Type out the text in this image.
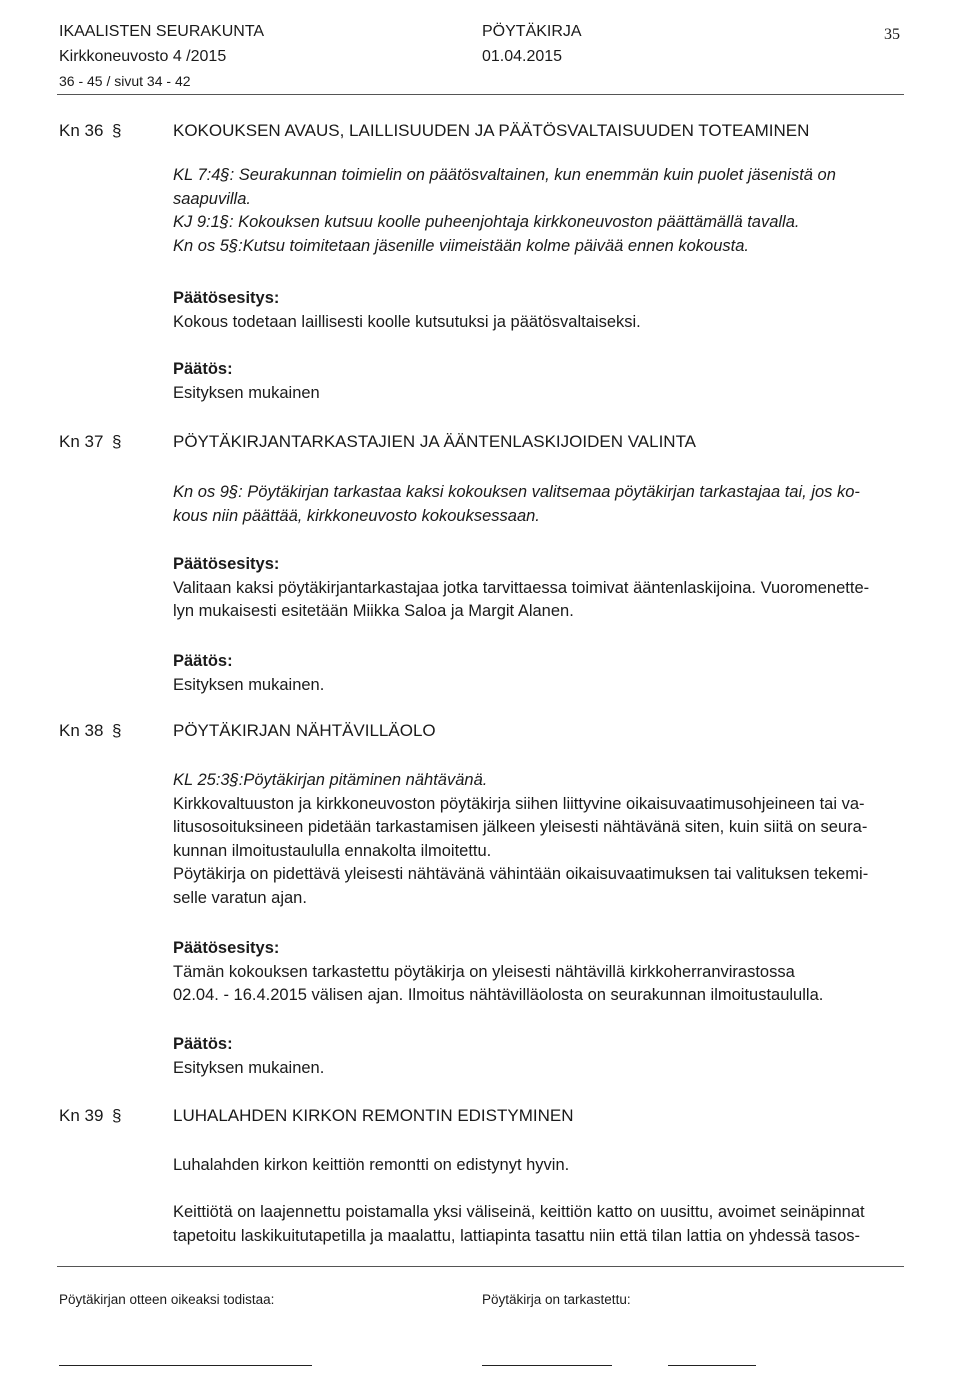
IKAALISTEN SEURAKUNTA	PÖYTÄKIRJA	35
Kirkkoneuvosto 4 /2015	01.04.2015
36 - 45 / sivut 34 - 42
Kn 36 §	KOKOUKSEN AVAUS, LAILLISUUDEN JA PÄÄTÖSVALTAISUUDEN TOTEAMINEN

KL 7:4§: Seurakunnan toimielin on päätösvaltainen, kun enemmän kuin puolet jäsenistä on

saapuvilla.

KJ 9:1§: Kokouksen kutsuu koolle puheenjohtaja kirkkoneuvoston päättämällä tavalla.

Kn os 5§:Kutsu toimitetaan jäsenille viimeistään kolme päivää ennen kokousta.

Päätösesitys:

Kokous todetaan laillisesti koolle kutsutuksi ja päätösvaltaiseksi.

Päätös:

Esityksen mukainen

Kn 37 §	PÖYTÄKIRJANTARKASTAJIEN JA ÄÄNTENLASKIJOIDEN VALINTA

Kn os 9§: Pöytäkirjan tarkastaa kaksi kokouksen valitsemaa pöytäkirjan tarkastajaa tai, jos ko-

kous niin päättää, kirkkoneuvosto kokouksessaan.

Päätösesitys:

Valitaan kaksi pöytäkirjantarkastajaa jotka tarvittaessa toimivat ääntenlaskijoina. Vuoromenette-

lyn mukaisesti esitetään Miikka Saloa ja Margit Alanen.

Päätös:

Esityksen mukainen.

Kn 38 §	PÖYTÄKIRJAN NÄHTÄVILLÄOLO

KL 25:3§:Pöytäkirjan pitäminen nähtävänä.

Kirkkovaltuuston ja kirkkoneuvoston pöytäkirja siihen liittyvine oikaisuvaatimusohjeineen tai va-

litusosoituksineen pidetään tarkastamisen jälkeen yleisesti nähtävänä siten, kuin siitä on seura-

kunnan ilmoitustaululla ennakolta ilmoitettu.

Pöytäkirja on pidettävä yleisesti nähtävänä vähintään oikaisuvaatimuksen tai valituksen tekemi-

selle varatun ajan.

Päätösesitys:

Tämän kokouksen tarkastettu pöytäkirja on yleisesti nähtävillä kirkkoherranvirastossa

02.04. - 16.4.2015 välisen ajan. Ilmoitus nähtävilläolosta on seurakunnan ilmoitustaululla.

Päätös:

Esityksen mukainen.

Kn 39 §	LUHALAHDEN KIRKON REMONTIN EDISTYMINEN

Luhalahden kirkon keittiön remontti on edistynyt hyvin.

Keittiötä on laajennettu poistamalla yksi väliseinä, keittiön katto on uusittu, avoimet seinäpinnat

tapetoitu laskikuitutapetilla ja maalattu, lattiapinta tasattu niin että tilan lattia on yhdessä tasos-

Pöytäkirjan otteen oikeaksi todistaa:	Pöytäkirja on tarkastettu:
